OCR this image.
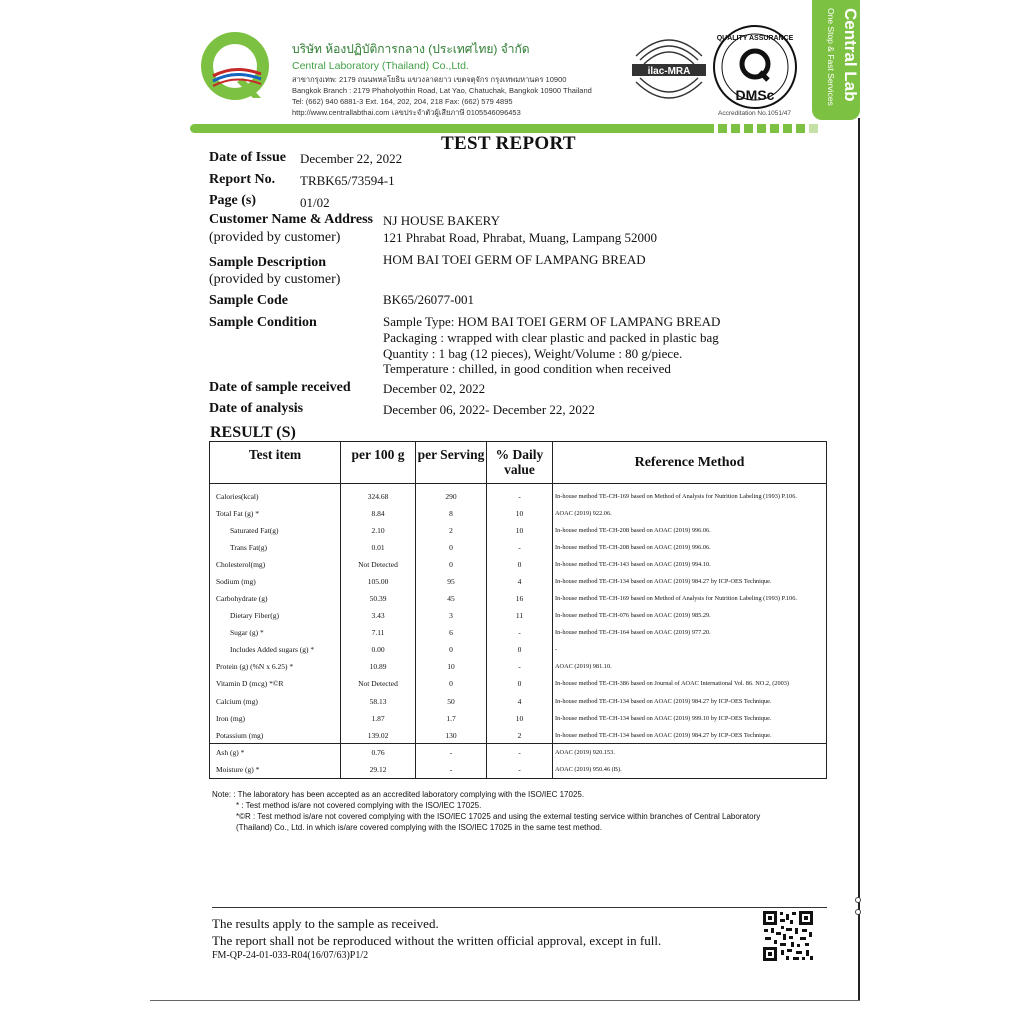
บริษัท ห้องปฏิบัติการกลาง (ประเทศไทย) จำกัด
Central Laboratory (Thailand) Co.,Ltd.
สาขากรุงเทพ: 2179 ถนนพหลโยธิน แขวงลาดยาว เขตจตุจักร กรุงเทพมหานคร 10900
Bangkok Branch : 2179 Phaholyothin Road, Lat Yao, Chatuchak, Bangkok 10900 Thailand
Tel: (662) 940 6881-3 Ext. 164, 202, 204, 218 Fax: (662) 579 4895
http://www.centrallabthai.com เลขประจำตัวผู้เสียภาษี 0105546096453
ilac-MRA
QUALITY ASSURANCE
DMSc
Accreditation No.1051/47
Central Lab One Stop & Fast Services
TEST REPORT
Date of Issue December 22, 2022
Report No. TRBK65/73594-1
Page (s)	01/02
Customer Name & Address
(provided by customer)
NJ HOUSE BAKERY
121 Phrabat Road, Phrabat, Muang, Lampang 52000
Sample Description
(provided by customer)
HOM BAI TOEI GERM OF LAMPANG BREAD
Sample Code	BK65/26077-001
Sample Condition	Sample Type: HOM BAI TOEI GERM OF LAMPANG BREAD
Packaging : wrapped with clear plastic and packed in plastic bag
Quantity : 1 bag (12 pieces), Weight/Volume : 80 g/piece.
Temperature : chilled, in good condition when received
Date of sample received December 02, 2022
Date of analysis	December 06, 2022- December 22, 2022
RESULT (S)
Test item	per 100 g	per Serving	% Daily value	Reference Method
Calories(kcal)	324.68	290	-	In-house method TE-CH-169 based on Method of Analysis for Nutrition Labeling (1993) P.106.
Total Fat (g) *	8.84	8	10	AOAC (2019) 922.06.
Saturated Fat(g)	2.10	2	10	In-house method TE-CH-208 based on AOAC (2019) 996.06.
Trans Fat(g)	0.01	0	-	In-house method TE-CH-208 based on AOAC (2019) 996.06.
Cholesterol(mg)	Not Detected	0	0	In-house method TE-CH-143 based on AOAC (2019) 994.10.
Sodium (mg)	105.00	95	4	In-house method TE-CH-134 based on AOAC (2019) 984.27 by ICP-OES Technique.
Carbohydrate (g)	50.39	45	16	In-house method TE-CH-169 based on Method of Analysis for Nutrition Labeling (1993) P.106.
Dietary Fiber(g)	3.43	3	11	In-house method TE-CH-076 based on AOAC (2019) 985.29.
Sugar (g) *	7.11	6	-	In-house method TE-CH-164 based on AOAC (2019) 977.20.
Includes Added sugars (g) *	0.00	0	0	-
Protein (g) (%N x 6.25) *	10.89	10	-	AOAC (2019) 981.10.
Vitamin D (mcg) *©R	Not Detected	0	0	In-house method TE-CH-386 based on Journal of AOAC International Vol. 86. NO.2, (2003)
Calcium (mg)	58.13	50	4	In-house method TE-CH-134 based on AOAC (2019) 984.27 by ICP-OES Technique.
Iron (mg)	1.87	1.7	10	In-house method TE-CH-134 based on AOAC (2019) 999.10 by ICP-OES Technique.
Potassium (mg)	139.02	130	2	In-house method TE-CH-134 based on AOAC (2019) 984.27 by ICP-OES Technique.
Ash (g) *	0.76	-	-	AOAC (2019) 920.153.
Moisture (g) *	29.12	-	-	AOAC (2019) 950.46 (B).
Note: : The laboratory has been accepted as an accredited laboratory complying with the ISO/IEC 17025.
* : Test method is/are not covered complying with the ISO/IEC 17025.
*©R : Test method is/are not covered complying with the ISO/IEC 17025 and using the external testing service within branches of Central Laboratory
(Thailand) Co., Ltd. in which is/are covered complying with the ISO/IEC 17025 in the same test method.
The results apply to the sample as received.
The report shall not be reproduced without the written official approval, except in full.
FM-QP-24-01-033-R04(16/07/63)P1/2
